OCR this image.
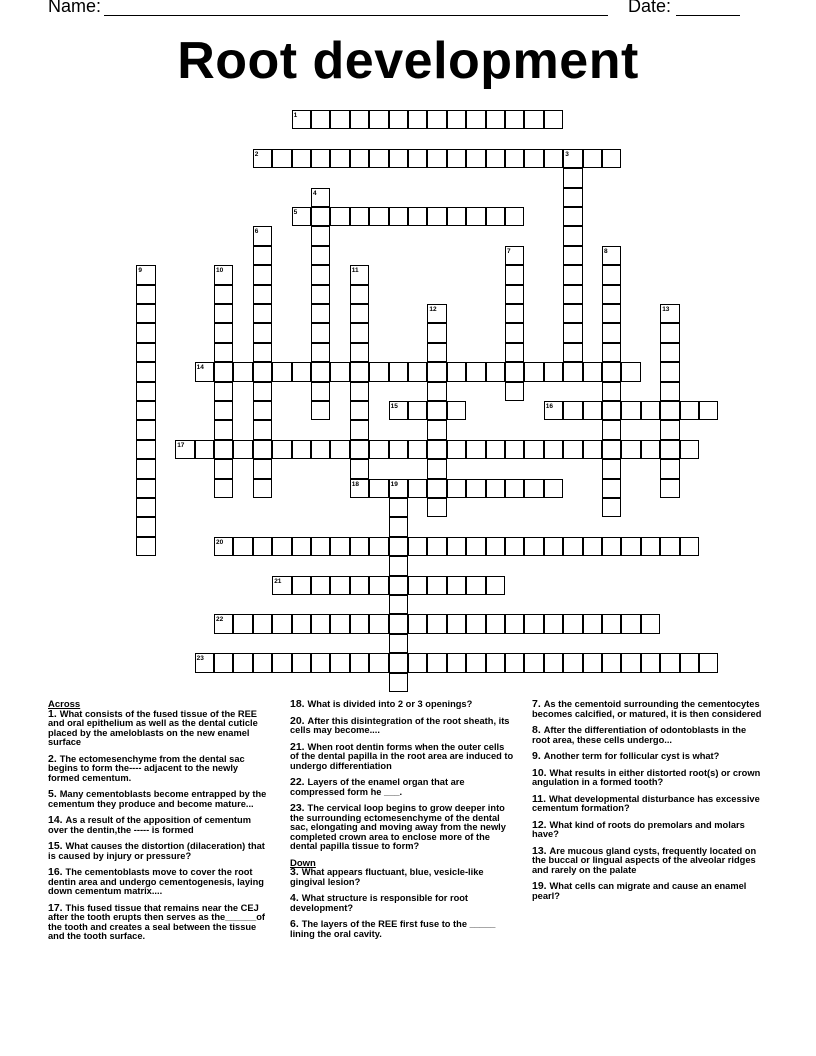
Name:	Date:
Root development
1
2	3
5
14
15	16
17
18	19
20
21
22
23
4
6
7	8
9	10	11
12	13
Across
1. What consists of the fused tissue of the REE and oral epithelium as well as the dental cuticle placed by the ameloblasts on the new enamel surface
2. The ectomesenchyme from the dental sac begins to form the---- adjacent to the newly formed cementum.
5. Many cementoblasts become entrapped by the cementum they produce and become mature...
14. As a result of the apposition of cementum over the dentin,the ----- is formed
15. What causes the distortion (dilaceration) that is caused by injury or pressure?
16. The cementoblasts move to cover the root dentin area and undergo cementogenesis, laying down cementum matrix....
17. This fused tissue that remains near the CEJ after the tooth erupts then serves as the______of the tooth and creates a seal between the tissue and the tooth surface.
18. What is divided into 2 or 3 openings?
20. After this disintegration of the root sheath, its cells may become....
21. When root dentin forms when the outer cells of the dental papilla in the root area are induced to undergo differentiation
22. Layers of the enamel organ that are compressed form he ___.
23. The cervical loop begins to grow deeper into the surrounding ectomesenchyme of the dental sac, elongating and moving away from the newly completed crown area to enclose more of the dental papilla tissue to form?
Down
3. What appears fluctuant, blue, vesicle-like gingival lesion?
4. What structure is responsible for root development?
6. The layers of the REE first fuse to the _____ lining the oral cavity.
7. As the cementoid surrounding the cementocytes becomes calcified, or matured, it is then considered
8. After the differentiation of odontoblasts in the root area, these cells undergo...
9. Another term for follicular cyst is what?
10. What results in either distorted root(s) or crown angulation in a formed tooth?
11. What developmental disturbance has excessive cementum formation?
12. What kind of roots do premolars and molars have?
13. Are mucous gland cysts, frequently located on the buccal or lingual aspects of the alveolar ridges and rarely on the palate
19. What cells can migrate and cause an enamel pearl?
